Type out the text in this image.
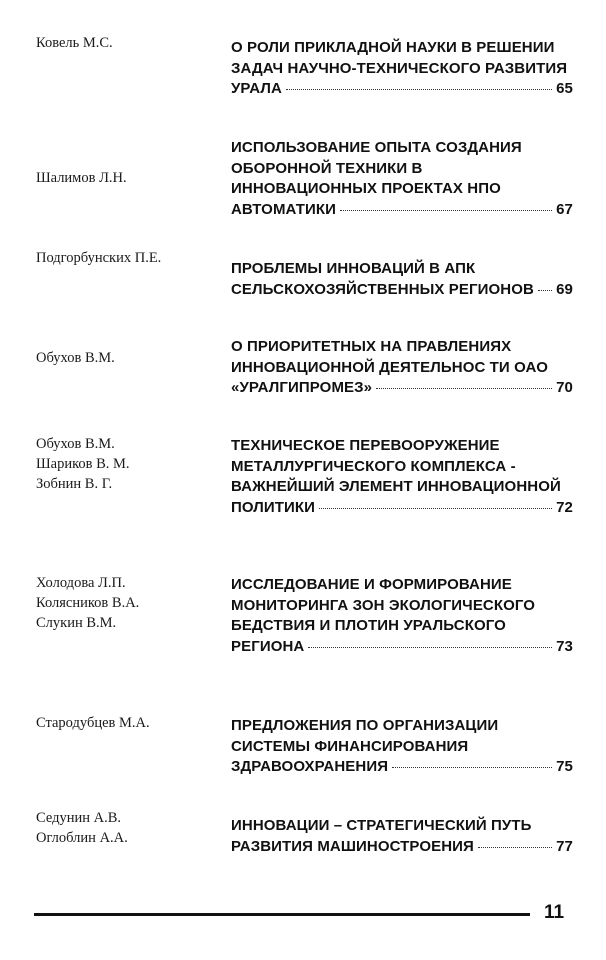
Ковель М.С.	О РОЛИ ПРИКЛАДНОЙ НАУКИ В РЕШЕНИИ
ЗАДАЧ НАУЧНО-ТЕХНИЧЕСКОГО РАЗВИТИЯ
УРАЛА	65
Шалимов Л.Н.
ИСПОЛЬЗОВАНИЕ ОПЫТА СОЗДАНИЯ
ОБОРОННОЙ ТЕХНИКИ В
ИННОВАЦИОННЫХ ПРОЕКТАХ НПО
АВТОМАТИКИ	67
Подгорбунских П.Е.
ПРОБЛЕМЫ ИННОВАЦИЙ В АПК
СЕЛЬСКОХОЗЯЙСТВЕННЫХ РЕГИОНОВ 69
Обухов В.М.
О ПРИОРИТЕТНЫХ НА ПРАВЛЕНИЯХ
ИННОВАЦИОННОЙ ДЕЯТЕЛЬНОС ТИ ОАО
«УРАЛГИПРОМЕЗ»	70
Обухов В.М.
Шариков В. М.
Зобнин В. Г.
ТЕХНИЧЕСКОЕ ПЕРЕВООРУЖЕНИЕ
МЕТАЛЛУРГИЧЕСКОГО КОМПЛЕКСА -
ВАЖНЕЙШИЙ ЭЛЕМЕНТ ИННОВАЦИОННОЙ
ПОЛИТИКИ	72
Холодова Л.П.
Колясников В.А.
Слукин В.М.
ИССЛЕДОВАНИЕ И ФОРМИРОВАНИЕ
МОНИТОРИНГА ЗОН ЭКОЛОГИЧЕСКОГО
БЕДСТВИЯ И ПЛОТИН УРАЛЬСКОГО
РЕГИОНА	73
Стародубцев М.А.	ПРЕДЛОЖЕНИЯ ПО ОРГАНИЗАЦИИ
СИСТЕМЫ ФИНАНСИРОВАНИЯ
ЗДРАВООХРАНЕНИЯ	75
Седунин А.В.
Оглоблин А.А.
ИННОВАЦИИ – СТРАТЕГИЧЕСКИЙ ПУТЬ
РАЗВИТИЯ МАШИНОСТРОЕНИЯ	77
11
